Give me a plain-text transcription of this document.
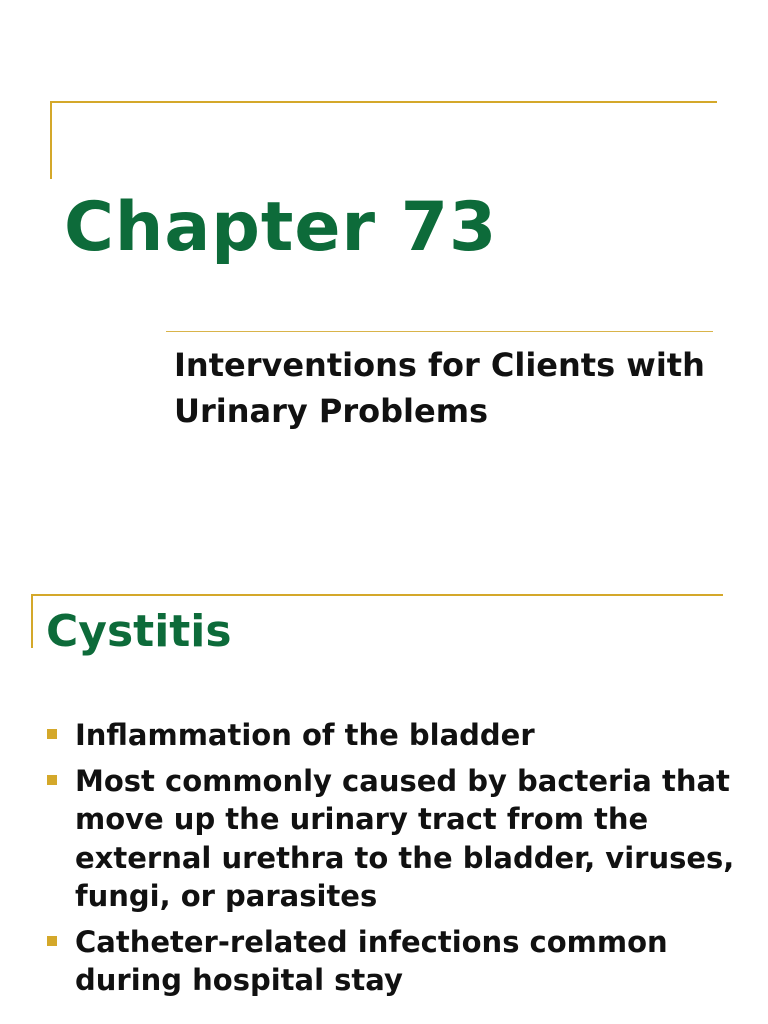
Chapter 73

Interventions for Clients with Urinary Problems

Cystitis
Inflammation of the bladder
Most commonly caused by bacteria that move up the urinary tract from the external urethra to the bladder, viruses, fungi, or parasites
Catheter-related infections common during hospital stay
